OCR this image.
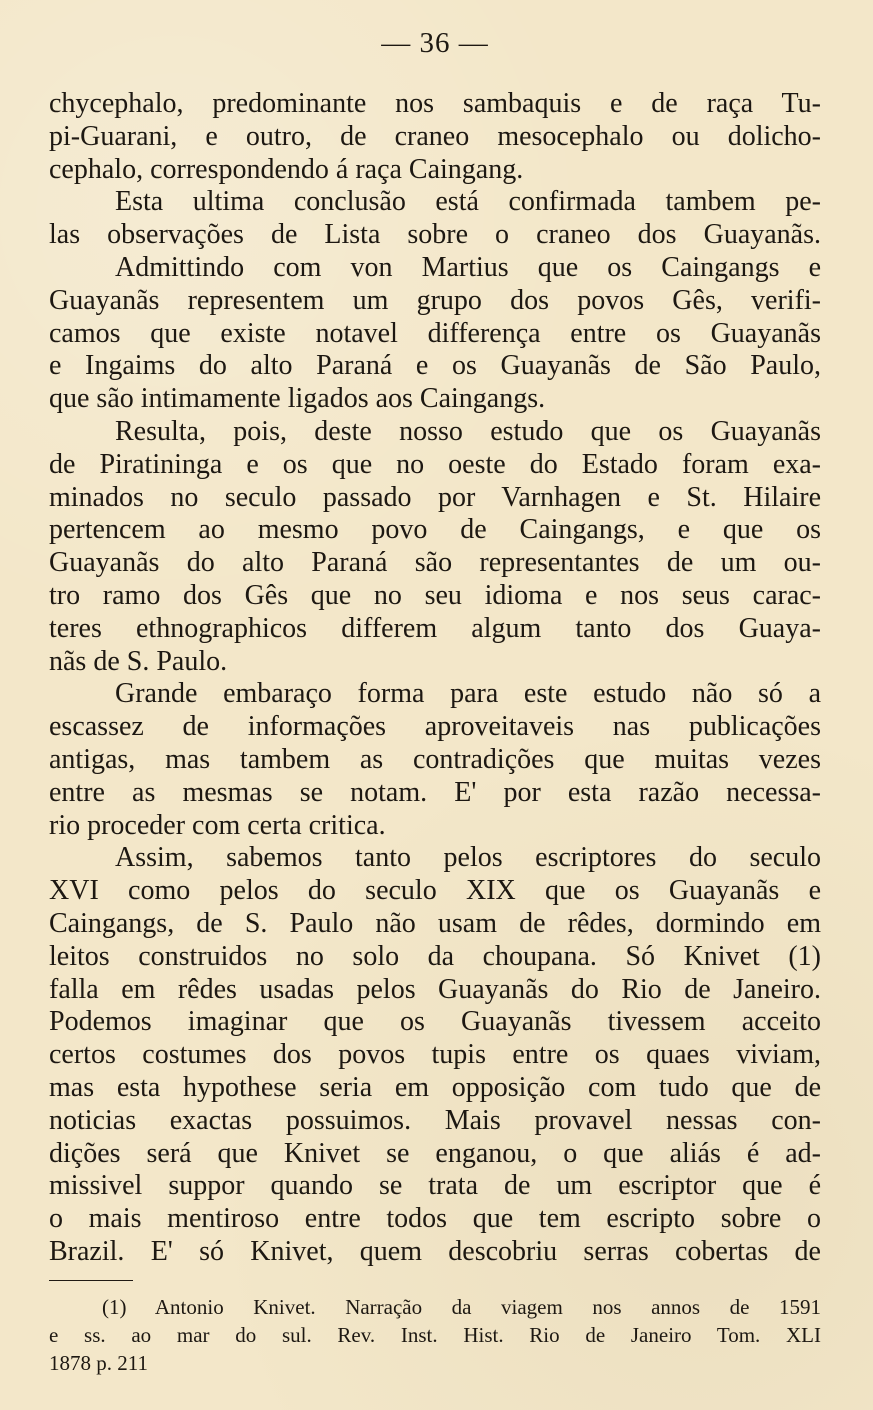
— 36 —
chycephalo, predominante nos sambaquis e de raça Tu-
pi-Guarani, e outro, de craneo mesocephalo ou dolicho-
cephalo, correspondendo á raça Caingang.
Esta ultima conclusão está confirmada tambem pe-
las observações de Lista sobre o craneo dos Guayanãs.
Admittindo com von Martius que os Caingangs e
Guayanãs representem um grupo dos povos Gês, verifi-
camos que existe notavel differença entre os Guayanãs
e Ingaims do alto Paraná e os Guayanãs de São Paulo,
que são intimamente ligados aos Caingangs.
Resulta, pois, deste nosso estudo que os Guayanãs
de Piratininga e os que no oeste do Estado foram exa-
minados no seculo passado por Varnhagen e St. Hilaire
pertencem ao mesmo povo de Caingangs, e que os
Guayanãs do alto Paraná são representantes de um ou-
tro ramo dos Gês que no seu idioma e nos seus carac-
teres ethnographicos differem algum tanto dos Guaya-
nãs de S. Paulo.
Grande embaraço forma para este estudo não só a
escassez de informações aproveitaveis nas publicações
antigas, mas tambem as contradições que muitas vezes
entre as mesmas se notam. E' por esta razão necessa-
rio proceder com certa critica.
Assim, sabemos tanto pelos escriptores do seculo
XVI como pelos do seculo XIX que os Guayanãs e
Caingangs, de S. Paulo não usam de rêdes, dormindo em
leitos construidos no solo da choupana. Só Knivet (1)
falla em rêdes usadas pelos Guayanãs do Rio de Janeiro.
Podemos imaginar que os Guayanãs tivessem acceito
certos costumes dos povos tupis entre os quaes viviam,
mas esta hypothese seria em opposição com tudo que de
noticias exactas possuimos. Mais provavel nessas con-
dições será que Knivet se enganou, o que aliás é ad-
missivel suppor quando se trata de um escriptor que é
o mais mentiroso entre todos que tem escripto sobre o
Brazil. E' só Knivet, quem descobriu serras cobertas de
(1) Antonio Knivet. Narração da viagem nos annos de 1591
e ss. ao mar do sul. Rev. Inst. Hist. Rio de Janeiro Tom. XLI
1878 p. 211
